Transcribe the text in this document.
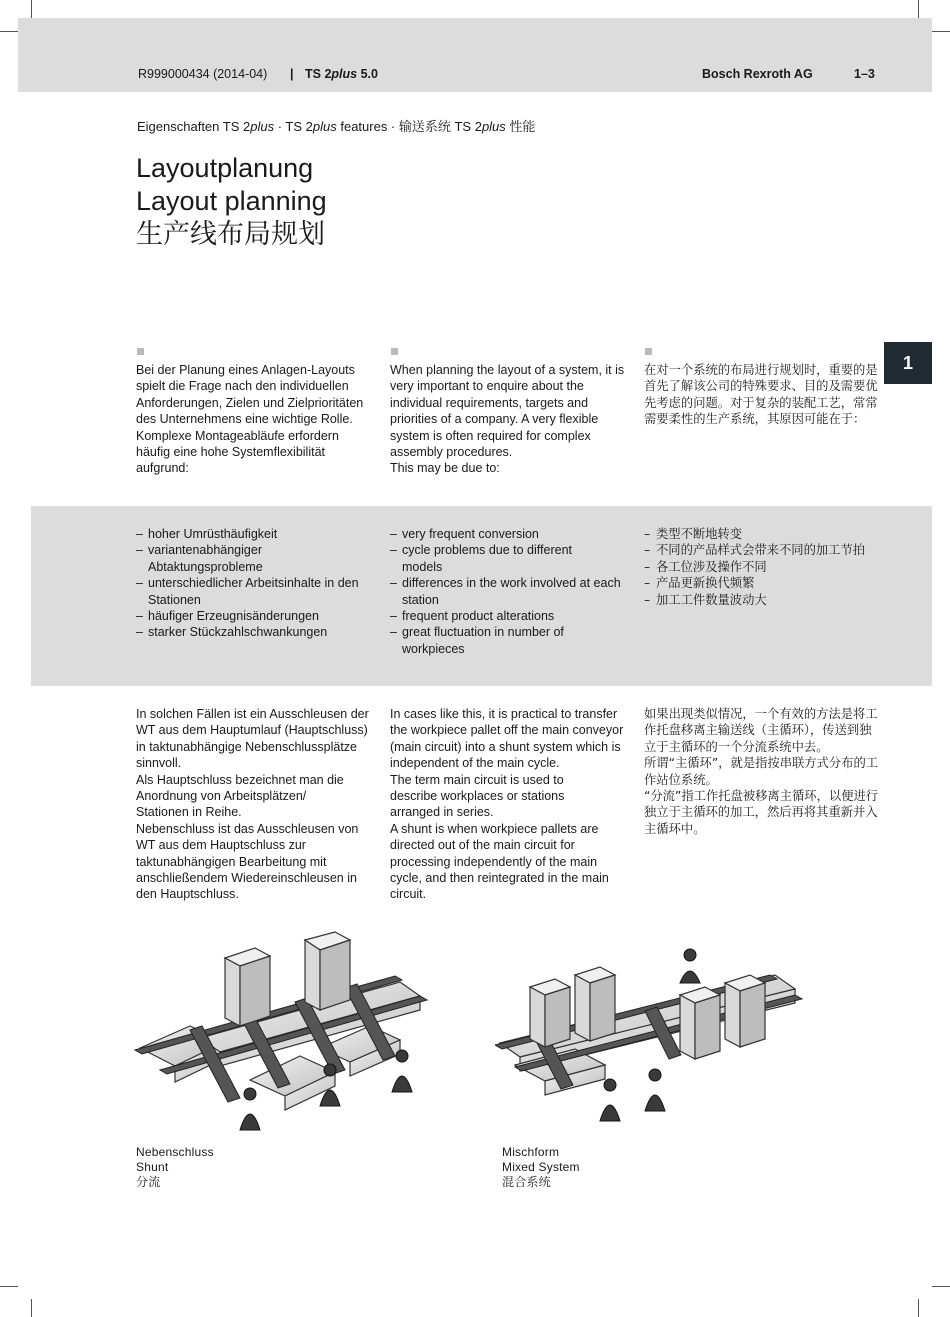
R999000434 (2014-04) | TS 2plus 5.0	Bosch Rexroth AG	1–3
Eigenschaften TS 2plus · TS 2plus features · 输送系统 TS 2plus 性能
Layoutplanung
Layout planning
生产线布局规划
1

Bei der Planung eines Anlagen-Layouts spielt die Frage nach den individuellen Anforderungen, Zielen und Zielprioritäten des Unternehmens eine wichtige Rolle. Komplexe Montageabläufe erfordern häufig eine hohe Systemflexibilität aufgrund:

When planning the layout of a system, it is very important to enquire about the individual requirements, targets and priorities of a company. A very flexible system is often required for complex assembly procedures.

This may be due to:

在对一个系统的布局进行规划时，重要的是首先了解该公司的特殊要求、目的及需要优先考虑的问题。对于复杂的装配工艺，常常需要柔性的生产系统，其原因可能在于：

– hoher Umrüsthäufigkeit
– variantenabhängiger Abtaktungsprobleme
– unterschiedlicher Arbeitsinhalte in den Stationen
– häufiger Erzeugnisänderungen
– starker Stückzahlschwankungen
– very frequent conversion
– cycle problems due to different models
– differences in the work involved at each station
– frequent product alterations
– great fluctuation in number of workpieces
– 类型不断地转变
– 不同的产品样式会带来不同的加工节拍
– 各工位涉及操作不同
– 产品更新换代频繁
– 加工工件数量波动大

In solchen Fällen ist ein Ausschleusen der WT aus dem Hauptumlauf (Hauptschluss) in taktunabhängige Nebenschlussplätze sinnvoll.

Als Hauptschluss bezeichnet man die Anordnung von Arbeitsplätzen/ Stationen in Reihe.

Nebenschluss ist das Ausschleusen von WT aus dem Hauptschluss zur taktunabhängigen Bearbeitung mit anschließendem Wiedereinschleusen in den Hauptschluss.

In cases like this, it is practical to transfer the workpiece pallet off the main conveyor (main circuit) into a shunt system which is independent of the main cycle.

The term main circuit is used to describe workplaces or stations arranged in series.

A shunt is when workpiece pallets are directed out of the main circuit for processing independently of the main cycle, and then reintegrated in the main circuit.

如果出现类似情况，一个有效的方法是将工作托盘移离主输送线（主循环），传送到独立于主循环的一个分流系统中去。

所谓“主循环”，就是指按串联方式分布的工作站位系统。

“分流”指工作托盘被移离主循环，以便进行独立于主循环的加工，然后再将其重新并入主循环中。

Nebenschluss
Shunt
分流
Mischform
Mixed System
混合系统
